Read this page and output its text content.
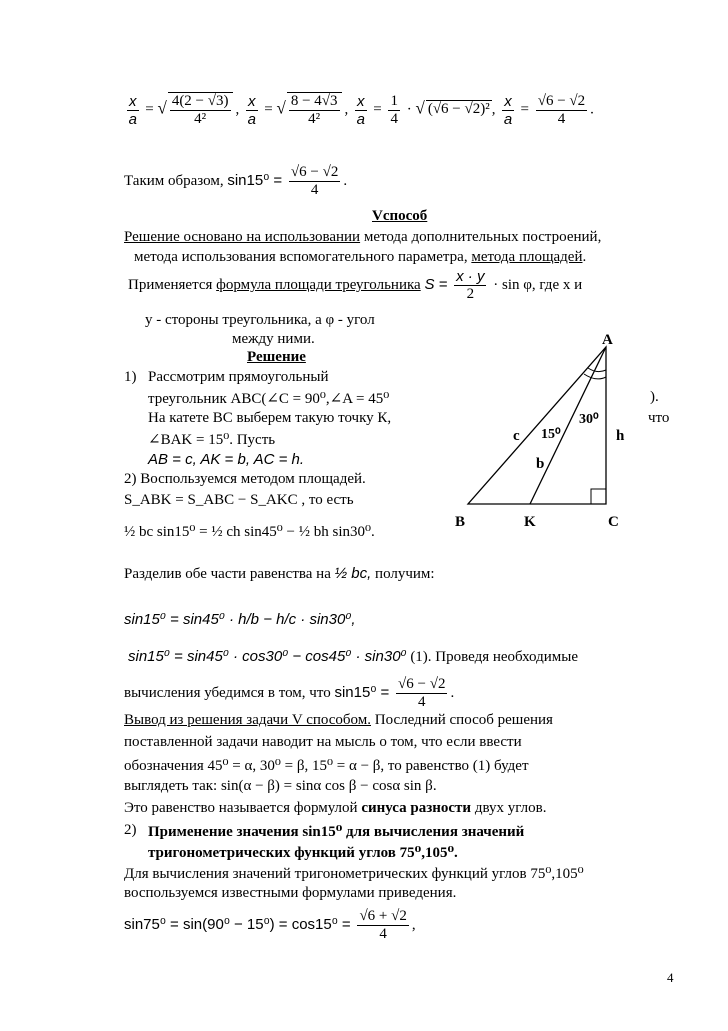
$\frac{x}{a}$ = √ $\frac{4(2 - √3)}{\text{4²}}$ , $\frac{x}{a}$ = √ $\frac{8 - 4√3}{\text{4²}}$ , $\frac{x}{a} = \frac{1}{4}$ · √ (√6 − √2)² , $\frac{x}{a} = \frac{√6 - √2}{4}$ .
Таким образом, $\sin 15^0 = \frac{√6 - √2}{4}$ .
Vспособ
Решение основано на использовании метода дополнительных построений,
метода использования вспомогательного параметра, метода площадей.
Применяется формула площади треугольника $S = \frac{x \cdot y}{2} \cdot \sin \varphi$, где x и
y - стороны треугольника, а φ - угол
между ними.
Решение
1) Рассмотрим прямоугольный
треугольник АВС(∠C = 90⁰,∠A = 45⁰	).
На катете ВС выберем такую точку К,	что
∠BAK = 15⁰. Пусть
AB = c, AK = b, AC = h.
2) Воспользуемся методом площадей.
S_ABK = S_ABC − S_AKC , то есть
½ bc sin15⁰ = ½ ch sin45⁰ − ½ bh sin30⁰.
Разделив обе части равенства на ½ bc, получим:
sin15⁰ = sin45⁰ · h/b − h/c · sin30⁰,
sin15⁰ = sin45⁰ · cos30⁰ − cos45⁰ · sin30⁰ (1). Проведя необходимые
вычисления убедимся в том, что $\sin 15^0 = \frac{√6 - √2}{4}$ .
Вывод из решения задачи V способом. Последний способ решения
поставленной задачи наводит на мысль о том, что если ввести
обозначения 45⁰ = α, 30⁰ = β, 15⁰ = α − β, то равенство (1) будет
выглядеть так: sin(α − β) = sinα cos β − cosα sin β.
Это равенство называется формулой синуса разности двух углов.
2) Применение значения sin15⁰ для вычисления значений
тригонометрических функций углов 75⁰,105⁰.
Для вычисления значений тригонометрических функций углов 75⁰,105⁰
воспользуемся известными формулами приведения.
$\sin 75^0 = \sin(90^0 - 15^0) = \cos 15^0 = \frac{√6 + √2}{4}$ ,
A
B	K	C
c
b
h
15⁰
30⁰
4
